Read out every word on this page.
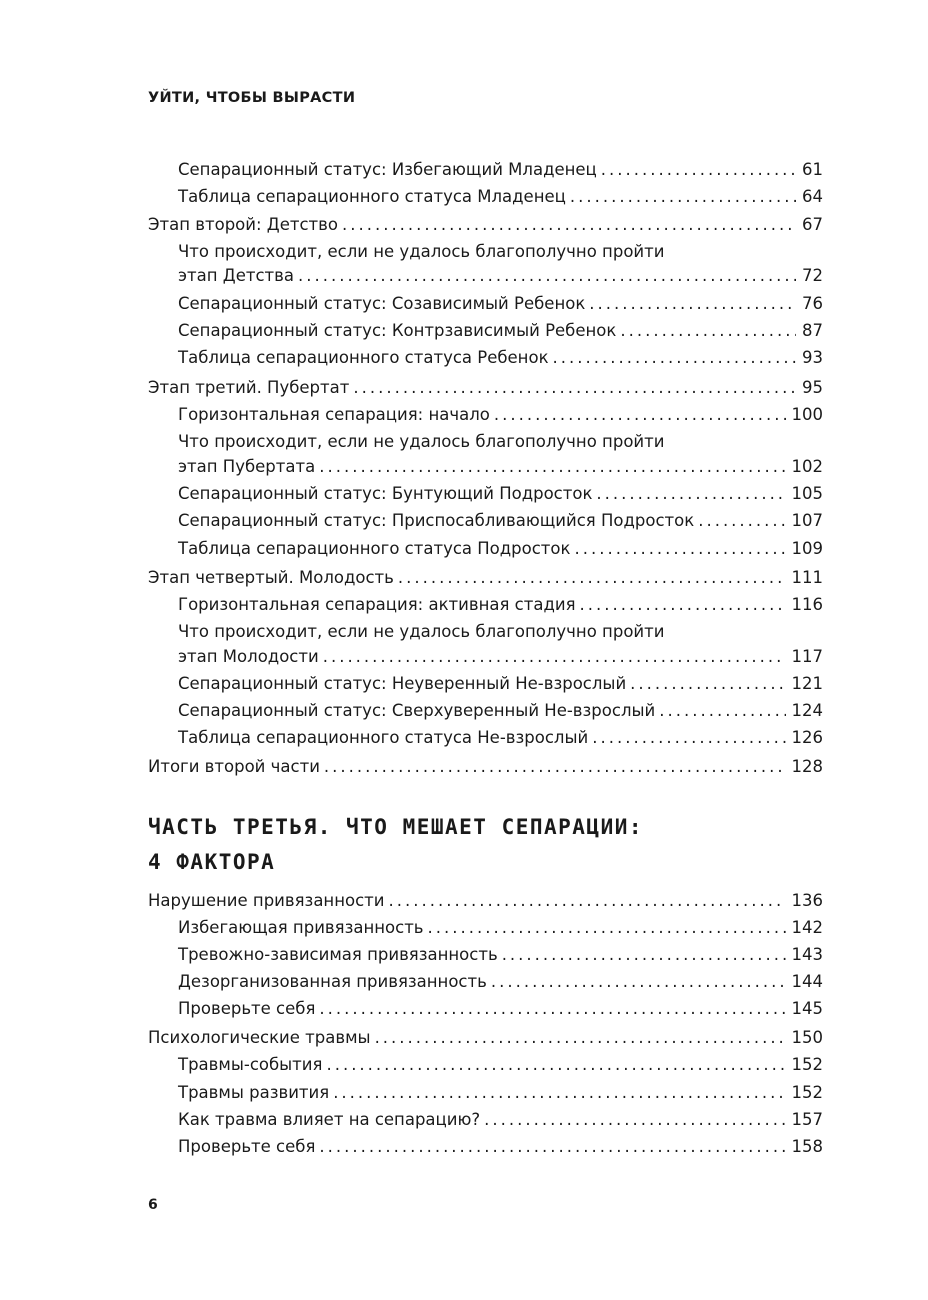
УЙТИ, ЧТОБЫ ВЫРАСТИ
Сепарационный статус: Избегающий Младенец .....	61
Таблица сепарационного статуса Младенец .....	64
Этап второй: Детство .....	67
Что происходит, если не удалось благополучно пройти
этап Детства .....	72
Сепарационный статус: Созависимый Ребенок .....	76
Сепарационный статус: Контрзависимый Ребенок .....	87
Таблица сепарационного статуса Ребенок .....	93
Этап третий. Пубертат .....	95
Горизонтальная сепарация: начало .....	100
Что происходит, если не удалось благополучно пройти
этап Пубертата .....	102
Сепарационный статус: Бунтующий Подросток .....	105
Сепарационный статус: Приспосабливающийся Подросток .....	107
Таблица сепарационного статуса Подросток .....	109
Этап четвертый. Молодость .....	111
Горизонтальная сепарация: активная стадия .....	116
Что происходит, если не удалось благополучно пройти
этап Молодости .....	117
Сепарационный статус: Неуверенный Не-взрослый .....	121
Сепарационный статус: Сверхуверенный Не-взрослый .....	124
Таблица сепарационного статуса Не-взрослый .....	126
Итоги второй части .....	128
Нарушение привязанности .....	136
Избегающая привязанность .....	142
Тревожно-зависимая привязанность .....	143
Дезорганизованная привязанность .....	144
Проверьте себя .....	145
Психологические травмы .....	150
Травмы-события .....	152
Травмы развития .....	152
Как травма влияет на сепарацию? .....	157
Проверьте себя .....	158
ЧАСТЬ ТРЕТЬЯ. ЧТО МЕШАЕТ СЕПАРАЦИИ:
4 ФАКТОРА
6
